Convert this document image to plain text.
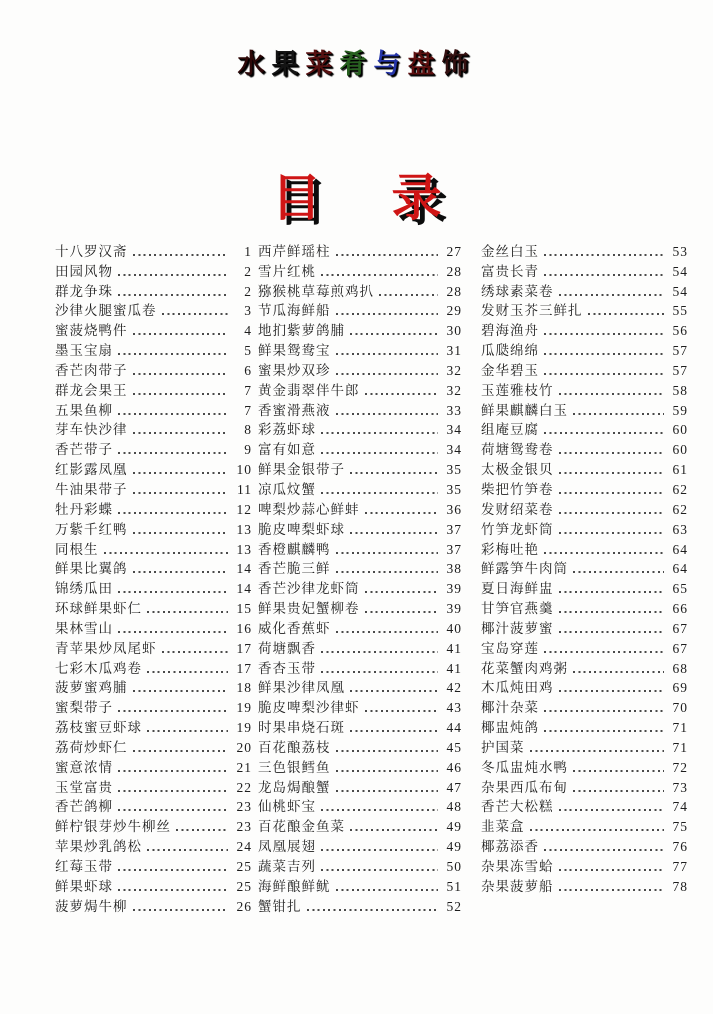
水果菜肴与盘饰
目 录
十八罗汉斋	1
田园风物	2
群龙争珠	2
沙律火腿蜜瓜卷	3
蜜菠烧鸭件	4
墨玉宝扇	5
香芒肉带子	6
群龙会果王	7
五果鱼柳	7
芽车快沙律	8
香芒带子	9
红影露凤凰	10
牛油果带子	11
牡丹彩蝶	12
万紫千红鸭	13
同根生	13
鲜果比翼鸽	14
锦绣瓜田	14
环球鲜果虾仁	15
果林雪山	16
青苹果炒凤尾虾	17
七彩木瓜鸡卷	17
菠萝蜜鸡脯	18
蜜梨带子	19
荔枝蜜豆虾球	19
荔荷炒虾仁	20
蜜意浓情	21
玉堂富贵	22
香芒鸽柳	23
鲜柠银芽炒牛柳丝	23
苹果炒乳鸽松	24
红莓玉带	25
鲜果虾球	25
菠萝焗牛柳	26
西芹鲜瑶柱	27
雪片红桃	28
猕猴桃草莓煎鸡扒	28
节瓜海鲜船	29
地扪紫萝鸽脯	30
鲜果鸳鸯宝	31
蜜果炒双珍	32
黄金翡翠伴牛郎	32
香蜜滑燕液	33
彩荔虾球	34
富有如意	34
鲜果金银带子	35
凉瓜炆蟹	35
啤梨炒蒜心鲜蚌	36
脆皮啤梨虾球	37
香橙麒麟鸭	37
香芒脆三鲜	38
香芒沙律龙虾筒	39
鲜果贵妃蟹柳卷	39
威化香蕉虾	40
荷塘飘香	41
香杏玉带	41
鲜果沙律凤凰	42
脆皮啤梨沙律虾	43
时果串烧石斑	44
百花酿荔枝	45
三色银鳕鱼	46
龙岛焗酿蟹	47
仙桃虾宝	48
百花酿金鱼菜	49
凤凰展翅	49
蔬菜吉列	50
海鲜酿鲜鱿	51
蟹钳扎	52
金丝白玉	53
富贵长青	54
绣球素菜卷	54
发财玉芥三鲜扎	55
碧海渔舟	56
瓜瓞绵绵	57
金华碧玉	57
玉莲雅枝竹	58
鲜果麒麟白玉	59
组庵豆腐	60
荷塘鸳鸯卷	60
太极金银贝	61
柴把竹笋卷	62
发财绍菜卷	62
竹笋龙虾筒	63
彩梅吐艳	64
鲜露笋牛肉筒	64
夏日海鲜盅	65
甘笋官燕羹	66
椰汁菠萝蜜	67
宝岛穿莲	67
花菜蟹肉鸡粥	68
木瓜炖田鸡	69
椰汁杂菜	70
椰盅炖鸽	71
护国菜	71
冬瓜盅炖水鸭	72
杂果西瓜布甸	73
香芒大松糕	74
韭菜盒	75
椰荔添香	76
杂果冻雪蛤	77
杂果菠萝船	78
